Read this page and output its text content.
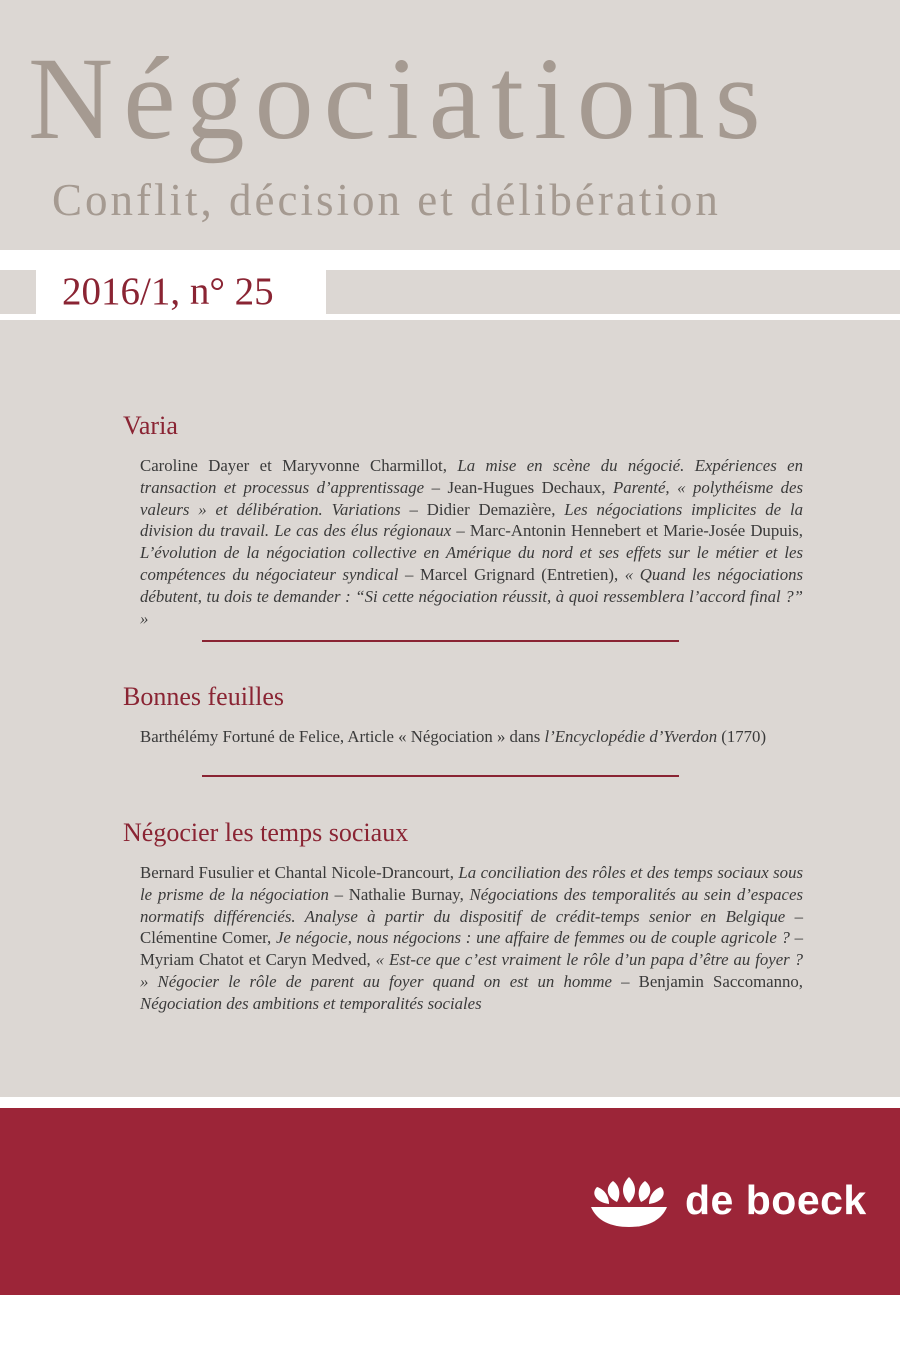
Négociations
Conflit, décision et délibération
2016/1, n° 25
Varia
Caroline Dayer et Maryvonne Charmillot, La mise en scène du négocié. Expériences en transaction et processus d’apprentissage – Jean-Hugues Dechaux, Parenté, « polythéisme des valeurs » et délibération. Variations – Didier Demazière, Les négociations implicites de la division du travail. Le cas des élus régionaux – Marc-Antonin Hennebert et Marie-Josée Dupuis, L’évolution de la négociation collective en Amérique du nord et ses effets sur le métier et les compétences du négociateur syndical – Marcel Grignard (Entretien), « Quand les négociations débutent, tu dois te demander : “Si cette négociation réussit, à quoi ressemblera l’accord final ?” »
Bonnes feuilles
Barthélémy Fortuné de Felice, Article « Négociation » dans l’Encyclopédie d’Yverdon (1770)
Négocier les temps sociaux
Bernard Fusulier et Chantal Nicole-Drancourt, La conciliation des rôles et des temps sociaux sous le prisme de la négociation – Nathalie Burnay, Négociations des temporalités au sein d’espaces normatifs différenciés. Analyse à partir du dispositif de crédit-temps senior en Belgique – Clémentine Comer, Je négocie, nous négocions : une affaire de femmes ou de couple agricole ? – Myriam Chatot et Caryn Medved, « Est-ce que c’est vraiment le rôle d’un papa d’être au foyer ? » Négocier le rôle de parent au foyer quand on est un homme – Benjamin Saccomanno, Négociation des ambitions et temporalités sociales
de boeck
